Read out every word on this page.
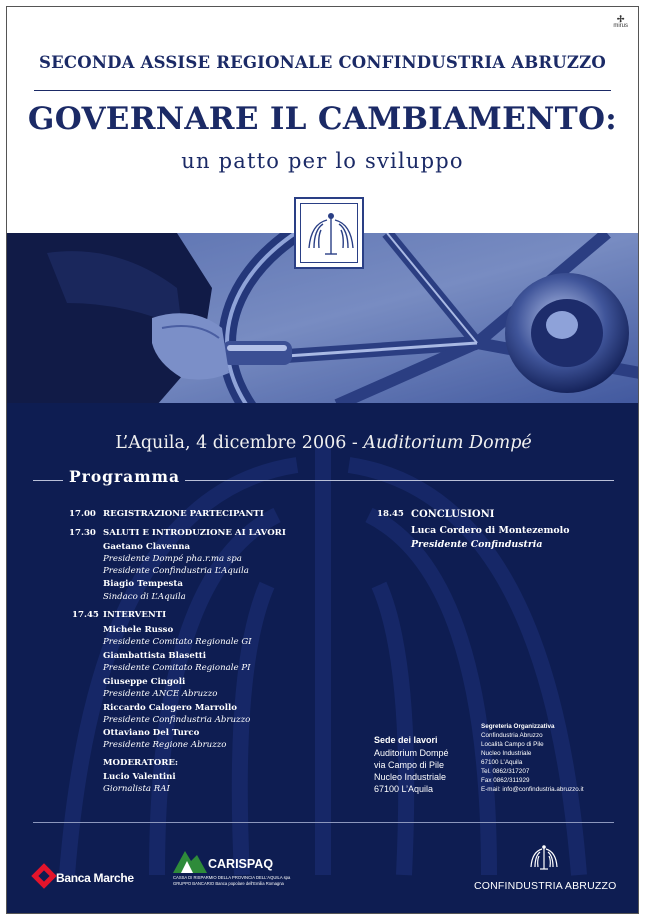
✢
mirus
SECONDA ASSISE REGIONALE CONFINDUSTRIA ABRUZZO
GOVERNARE IL CAMBIAMENTO:
un patto per lo sviluppo
L’Aquila, 4 dicembre 2006 - Auditorium Dompé
Programma
17.00 REGISTRAZIONE PARTECIPANTI
17.30 SALUTI E INTRODUZIONE AI LAVORI
Gaetano Clavenna
Presidente Dompé pha.r.ma spa
Presidente Confindustria L’Aquila
Biagio Tempesta
Sindaco di L’Aquila
17.45 INTERVENTI
Michele Russo
Presidente Comitato Regionale GI
Giambattista Blasetti
Presidente Comitato Regionale PI
Giuseppe Cingoli
Presidente ANCE Abruzzo
Riccardo Calogero Marrollo
Presidente Confindustria Abruzzo
Ottaviano Del Turco
Presidente Regione Abruzzo
MODERATORE:
Lucio Valentini
Giornalista RAI
18.45 CONCLUSIONI
Luca Cordero di Montezemolo
Presidente Confindustria
Sede dei lavori
Auditorium Dompé
via Campo di Pile
Nucleo Industriale
67100 L’Aquila
Segreteria Organizzativa
Confindustria Abruzzo
Località Campo di Pile
Nucleo Industriale
67100 L’Aquila
Tel. 0862/317207
Fax 0862/311929
E-mail: info@confindustria.abruzzo.it
Banca Marche
CARISPAQ
CASSA DI RISPARMIO DELLA PROVINCIA DELL'AQUILA spa
GRUPPO BANCARIO Banca popolare dell'Emilia Romagna	CONFINDUSTRIA ABRUZZO
